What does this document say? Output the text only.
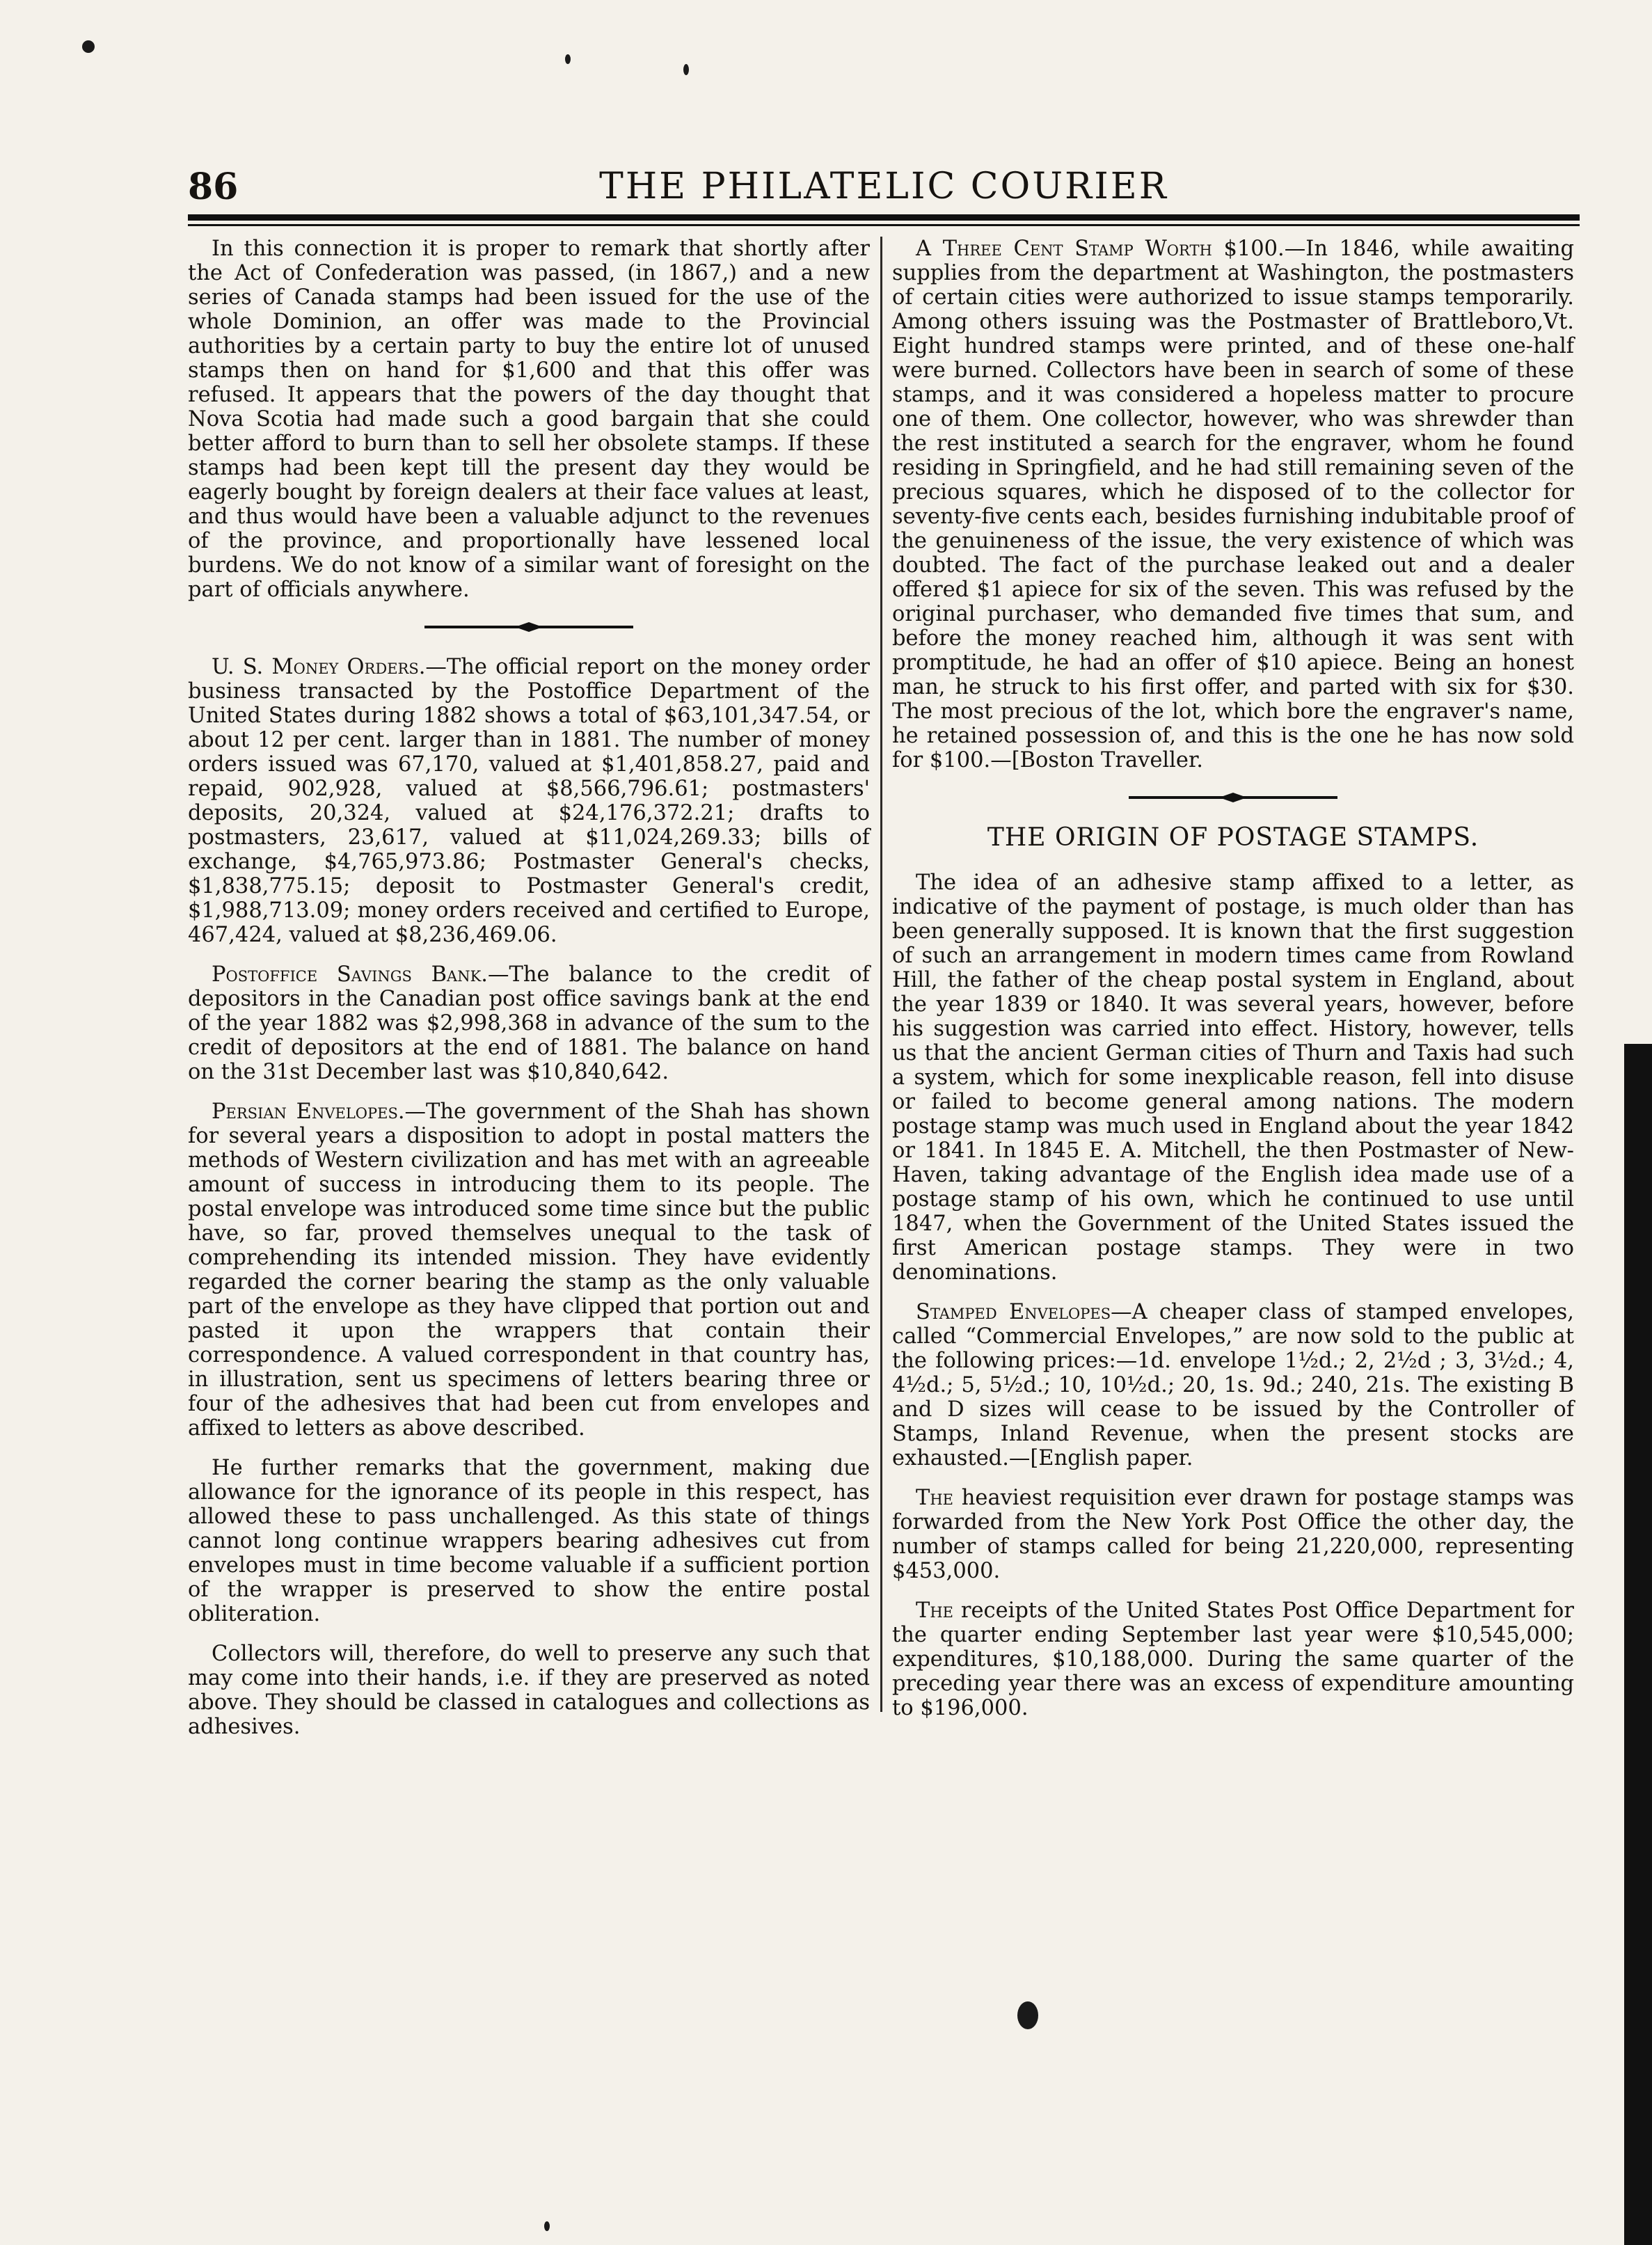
86	THE PHILATELIC COURIER

In this connection it is proper to remark that shortly after the Act of Confederation was passed, (in 1867,) and a new series of Canada stamps had been issued for the use of the whole Dominion, an offer was made to the Provincial authorities by a certain party to buy the entire lot of unused stamps then on hand for $1,600 and that this offer was refused. It appears that the powers of the day thought that Nova Scotia had made such a good bargain that she could better afford to burn than to sell her obsolete stamps. If these stamps had been kept till the present day they would be eagerly bought by foreign dealers at their face values at least, and thus would have been a valuable adjunct to the revenues of the province, and proportionally have lessened local burdens. We do not know of a similar want of foresight on the part of officials anywhere.

U. S. Money Orders.—The official report on the money order business transacted by the Postoffice Department of the United States during 1882 shows a total of $63,101,347.54, or about 12 per cent. larger than in 1881. The number of money orders issued was 67,170, valued at $1,401,858.27, paid and repaid, 902,928, valued at $8,566,796.61; postmasters' deposits, 20,324, valued at $24,176,372.21; drafts to postmasters, 23,617, valued at $11,024,269.33; bills of exchange, $4,765,973.86; Postmaster General's checks, $1,838,775.15; deposit to Postmaster General's credit, $1,988,713.09; money orders received and certified to Europe, 467,424, valued at $8,236,469.06.

Postoffice Savings Bank.—The balance to the credit of depositors in the Canadian post office savings bank at the end of the year 1882 was $2,998,368 in advance of the sum to the credit of depositors at the end of 1881. The balance on hand on the 31st December last was $10,840,642.

Persian Envelopes.—The government of the Shah has shown for several years a disposition to adopt in postal matters the methods of Western civilization and has met with an agreeable amount of success in introducing them to its people. The postal envelope was introduced some time since but the public have, so far, proved themselves unequal to the task of comprehending its intended mission. They have evidently regarded the corner bearing the stamp as the only valuable part of the envelope as they have clipped that portion out and pasted it upon the wrappers that contain their correspondence. A valued correspondent in that country has, in illustration, sent us specimens of letters bearing three or four of the adhesives that had been cut from envelopes and affixed to letters as above described.

He further remarks that the government, making due allowance for the ignorance of its people in this respect, has allowed these to pass unchallenged. As this state of things cannot long continue wrappers bearing adhesives cut from envelopes must in time become valuable if a sufficient portion of the wrapper is preserved to show the entire postal obliteration.

Collectors will, therefore, do well to preserve any such that may come into their hands, i.e. if they are preserved as noted above. They should be classed in catalogues and collections as adhesives.

A Three Cent Stamp Worth $100.—In 1846, while awaiting supplies from the department at Washington, the postmasters of certain cities were authorized to issue stamps temporarily. Among others issuing was the Postmaster of Brattleboro,Vt. Eight hundred stamps were printed, and of these one-half were burned. Collectors have been in search of some of these stamps, and it was considered a hopeless matter to procure one of them. One collector, however, who was shrewder than the rest instituted a search for the engraver, whom he found residing in Springfield, and he had still remaining seven of the precious squares, which he disposed of to the collector for seventy-five cents each, besides furnishing indubitable proof of the genuineness of the issue, the very existence of which was doubted. The fact of the purchase leaked out and a dealer offered $1 apiece for six of the seven. This was refused by the original purchaser, who demanded five times that sum, and before the money reached him, although it was sent with promptitude, he had an offer of $10 apiece. Being an honest man, he struck to his first offer, and parted with six for $30. The most precious of the lot, which bore the engraver's name, he retained possession of, and this is the one he has now sold for $100.—[Boston Traveller.

THE ORIGIN OF POSTAGE STAMPS.

The idea of an adhesive stamp affixed to a letter, as indicative of the payment of postage, is much older than has been generally supposed. It is known that the first suggestion of such an arrangement in modern times came from Rowland Hill, the father of the cheap postal system in England, about the year 1839 or 1840. It was several years, however, before his suggestion was carried into effect. History, however, tells us that the ancient German cities of Thurn and Taxis had such a system, which for some inexplicable reason, fell into disuse or failed to become general among nations. The modern postage stamp was much used in England about the year 1842 or 1841. In 1845 E. A. Mitchell, the then Postmaster of New-Haven, taking advantage of the English idea made use of a postage stamp of his own, which he continued to use until 1847, when the Government of the United States issued the first American postage stamps. They were in two denominations.

Stamped Envelopes—A cheaper class of stamped envelopes, called “Commercial Envelopes,” are now sold to the public at the following prices:—1d. envelope 1½d.; 2, 2½d ; 3, 3½d.; 4, 4½d.; 5, 5½d.; 10, 10½d.; 20, 1s. 9d.; 240, 21s. The existing B and D sizes will cease to be issued by the Controller of Stamps, Inland Revenue, when the present stocks are exhausted.—[English paper.

The heaviest requisition ever drawn for postage stamps was forwarded from the New York Post Office the other day, the number of stamps called for being 21,220,000, representing $453,000.

The receipts of the United States Post Office Department for the quarter ending September last year were $10,545,000; expenditures, $10,188,000. During the same quarter of the preceding year there was an excess of expenditure amounting to $196,000.
